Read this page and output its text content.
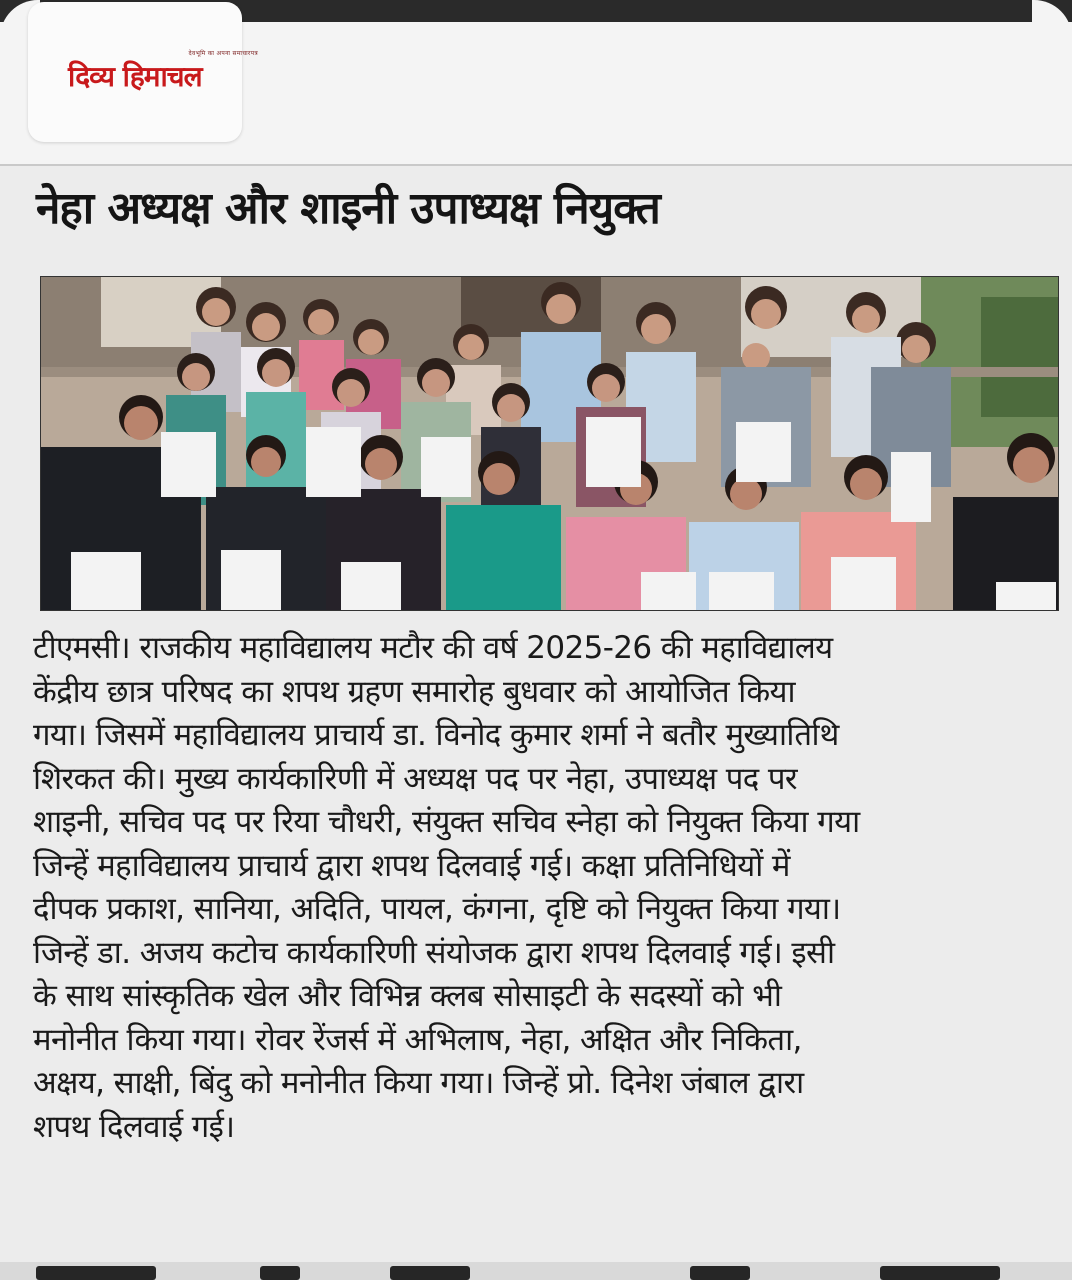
देवभूमि का अपना समाचारपत्र
दिव्य हिमाचल
नेहा अध्यक्ष और शाइनी उपाध्यक्ष नियुक्त
टीएमसी। राजकीय महाविद्यालय मटौर की वर्ष 2025-26 की महाविद्यालय
केंद्रीय छात्र परिषद का शपथ ग्रहण समारोह बुधवार को आयोजित किया
गया। जिसमें महाविद्यालय प्राचार्य डा. विनोद कुमार शर्मा ने बतौर मुख्यातिथि
शिरकत की। मुख्य कार्यकारिणी में अध्यक्ष पद पर नेहा, उपाध्यक्ष पद पर
शाइनी, सचिव पद पर रिया चौधरी, संयुक्त सचिव स्नेहा को नियुक्त किया गया
जिन्हें महाविद्यालय प्राचार्य द्वारा शपथ दिलवाई गई। कक्षा प्रतिनिधियों में
दीपक प्रकाश, सानिया, अदिति, पायल, कंगना, दृष्टि को नियुक्त किया गया।
जिन्हें डा. अजय कटोच कार्यकारिणी संयोजक द्वारा शपथ दिलवाई गई। इसी
के साथ सांस्कृतिक खेल और विभिन्न क्लब सोसाइटी के सदस्यों को भी
मनोनीत किया गया। रोवर रेंजर्स में अभिलाष, नेहा, अक्षित और निकिता,
अक्षय, साक्षी, बिंदु को मनोनीत किया गया। जिन्हें प्रो. दिनेश जंबाल द्वारा
शपथ दिलवाई गई।
